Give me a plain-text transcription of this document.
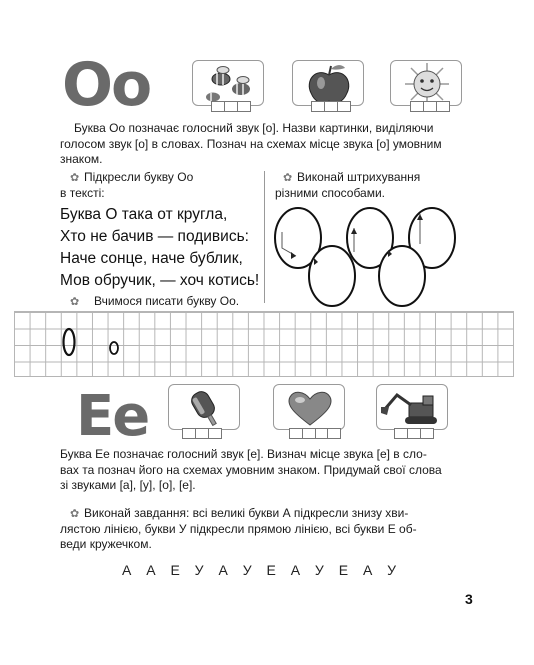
Оо
Буква Оо позначає голосний звук [о]. Назви картинки, виділяючи
голосом звук [о] в словах. Познач на схемах місце звука [о] умовним
знаком.
✿ Підкресли букву Оо
в тексті:
Буква О така от кругла,
Хто не бачив — подивись:
Наче сонце, наче бублик,
Мов обручик, — хоч котись!
✿ Виконай штрихування
різними способами.
✿ Вчимося писати букву Оо.
Ее
Буква Ее позначає голосний звук [е]. Визнач місце звука [е] в сло-
вах та познач його на схемах умовним знаком. Придумай свої слова
зі звуками [а], [у], [о], [е].
✿ Виконай завдання: всі великі букви А підкресли знизу хви-
лястою лінією, букви У підкресли прямою лінією, всі букви Е об-
веди кружечком.
А А Е У А У Е А У Е А У
3
